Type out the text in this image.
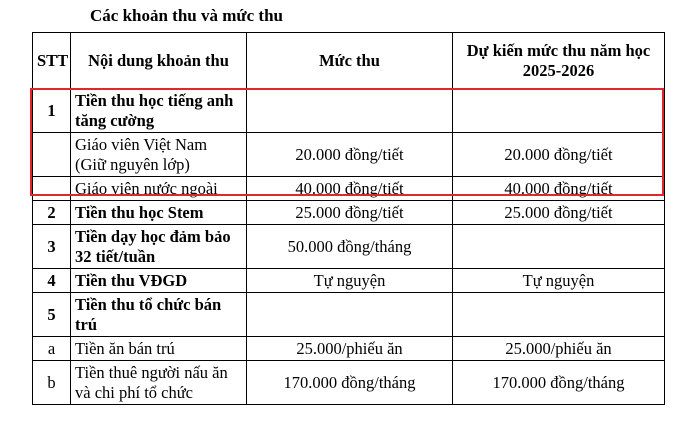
Các khoản thu và mức thu

STT	Nội dung khoản thu	Mức thu	Dự kiến mức thu năm học 2025-2026
1	Tiền thu học tiếng anh tăng cường		
	Giáo viên Việt Nam (Giữ nguyên lớp)	20.000 đồng/tiết	20.000 đồng/tiết
	Giáo viên nước ngoài	40.000 đồng/tiết	40.000 đồng/tiết
2	Tiền thu học Stem	25.000 đồng/tiết	25.000 đồng/tiết
3	Tiền dạy học đảm bảo 32 tiết/tuần	50.000 đồng/tháng	
4	Tiền thu VĐGD	Tự nguyện	Tự nguyện
5	Tiền thu tổ chức bán trú		
a	Tiền ăn bán trú	25.000/phiếu ăn	25.000/phiếu ăn
b	Tiền thuê người nấu ăn và chi phí tổ chức	170.000 đồng/tháng	170.000 đồng/tháng
